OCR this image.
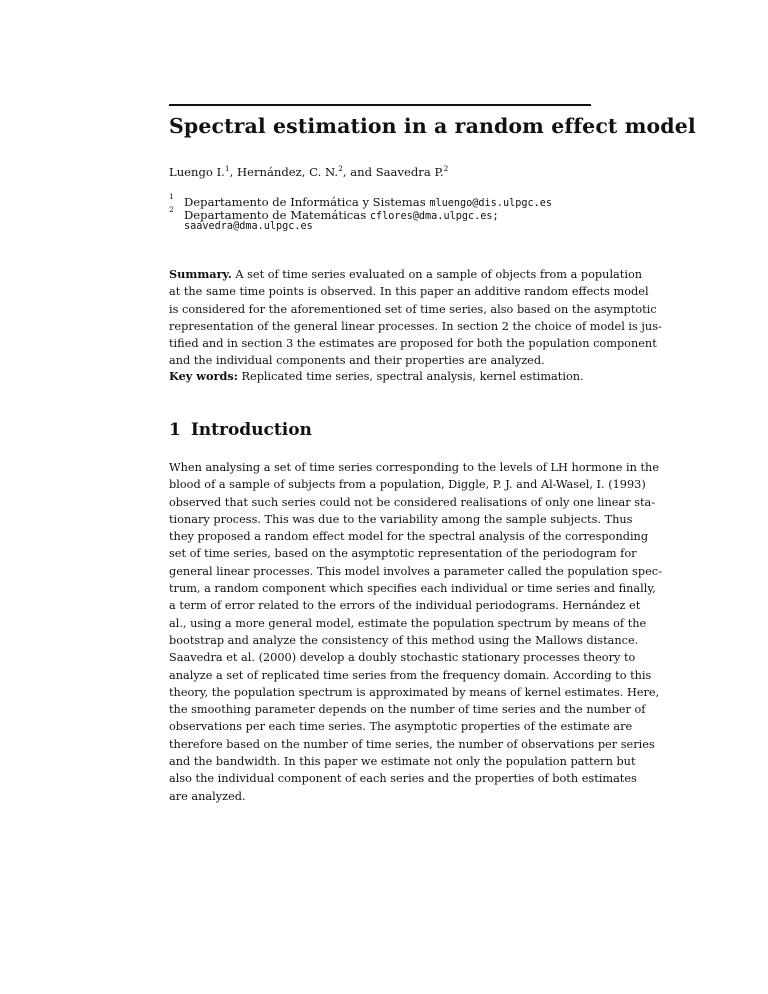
Spectral estimation in a random effect model
Luengo I.$^1$, Hernández, C. N.$^2$, and Saavedra P.$^2$
1 Departamento de Informática y Sistemas mluengo@dis.ulpgc.es
2 Departamento de Matemáticas cflores@dma.ulpgc.es;
saavedra@dma.ulpgc.es
Summary. A set of time series evaluated on a sample of objects from a population
at the same time points is observed. In this paper an additive random effects model
is considered for the aforementioned set of time series, also based on the asymptotic
representation of the general linear processes. In section 2 the choice of model is jus-
tified and in section 3 the estimates are proposed for both the population component
and the individual components and their properties are analyzed.
Key words: Replicated time series, spectral analysis, kernel estimation.
1 Introduction
When analysing a set of time series corresponding to the levels of LH hormone in the
blood of a sample of subjects from a population, Diggle, P. J. and Al-Wasel, I. (1993)
observed that such series could not be considered realisations of only one linear sta-
tionary process. This was due to the variability among the sample subjects. Thus
they proposed a random effect model for the spectral analysis of the corresponding
set of time series, based on the asymptotic representation of the periodogram for
general linear processes. This model involves a parameter called the population spec-
trum, a random component which specifies each individual or time series and finally,
a term of error related to the errors of the individual periodograms. Hernández et
al., using a more general model, estimate the population spectrum by means of the
bootstrap and analyze the consistency of this method using the Mallows distance.
Saavedra et al. (2000) develop a doubly stochastic stationary processes theory to
analyze a set of replicated time series from the frequency domain. According to this
theory, the population spectrum is approximated by means of kernel estimates. Here,
the smoothing parameter depends on the number of time series and the number of
observations per each time series. The asymptotic properties of the estimate are
therefore based on the number of time series, the number of observations per series
and the bandwidth. In this paper we estimate not only the population pattern but
also the individual component of each series and the properties of both estimates
are analyzed.
